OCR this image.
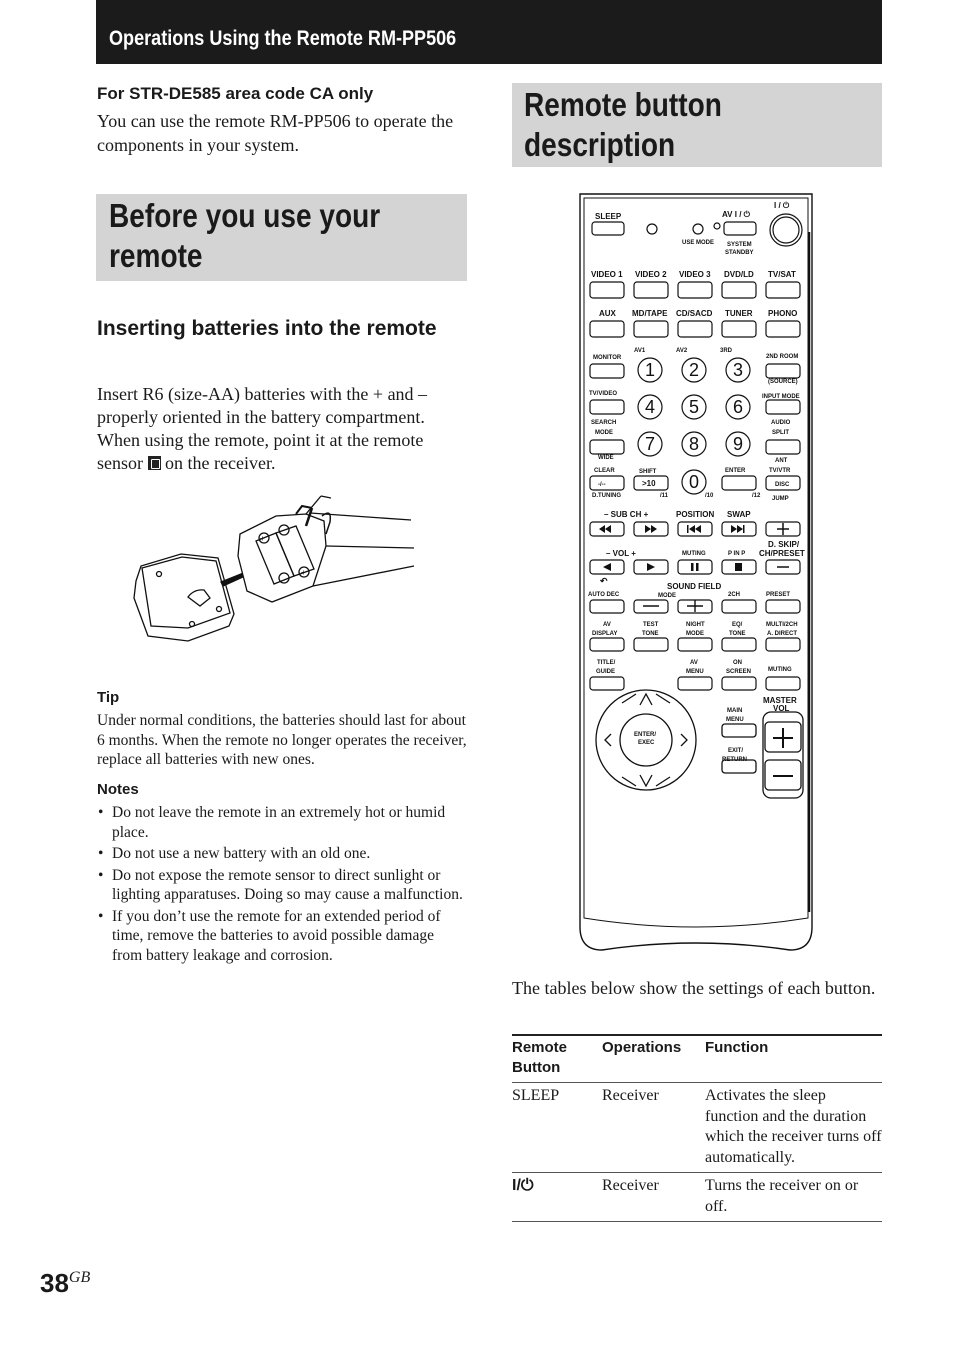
Operations Using the Remote RM-PP506
For STR-DE585 area code CA only
You can use the remote RM-PP506 to operate the components in your system.
Before you use your
remote
Remote button
description
Inserting batteries into the remote
Insert R6 (size-AA) batteries with the + and – properly oriented in the battery compartment. When using the remote, point it at the remote sensor  on the receiver.
+
+
Tip
Under normal conditions, the batteries should last for about 6 months. When the remote no longer operates the receiver, replace all batteries with new ones.
Notes
• Do not leave the remote in an extremely hot or humid place.
• Do not use a new battery with an old one.
• Do not expose the remote sensor to direct sunlight or lighting apparatuses. Doing so may cause a malfunction.
• If you don’t use the remote for an extended period of time, remove the batteries to avoid possible damage from battery leakage and corrosion.
I / ⏻
SLEEP	AV I / ⏻
USE MODE SYSTEM
STANDBY
VIDEO 1 VIDEO 2 VIDEO 3 DVD/LD TV/SAT
AUX MD/TAPE CD/SACD TUNER PHONO
MONITOR
AV1	AV2	3RD
2ND ROOM
(SOURCE)
TV/VIDEO	INPUT MODE
SEARCH
MODE
AUDIO
SPLIT
WIDE	ANT
TV/VTR
CLEAR	SHIFT	ENTER
1 2 3
4 5 6
7 8 9
0
>10
-/--	DISC
D.TUNING	/11	/10	/12 JUMP
– SUB CH +	POSITION SWAP
D. SKIP/
CH/PRESET
– VOL +	MUTING	P IN P
↶
SOUND FIELD
AUTO DEC	MODE	2CH	PRESET
AV
DISPLAY
TEST
TONE
NIGHT
MODE
EQ/
TONE
MULTI/2CH
A. DIRECT
TITLE/
GUIDE
AV
MENU
ON
SCREEN	MUTING
ENTER/
EXEC
MAIN
MENU
EXIT/
RETURN
MASTER
VOL
The tables below show the settings of each button.
Remote Button	Operations	Function
SLEEP	Receiver	Activates the sleep function and the duration which the receiver turns off automatically.
I/⏻	Receiver	Turns the receiver on or off.
$38^{GB}$
